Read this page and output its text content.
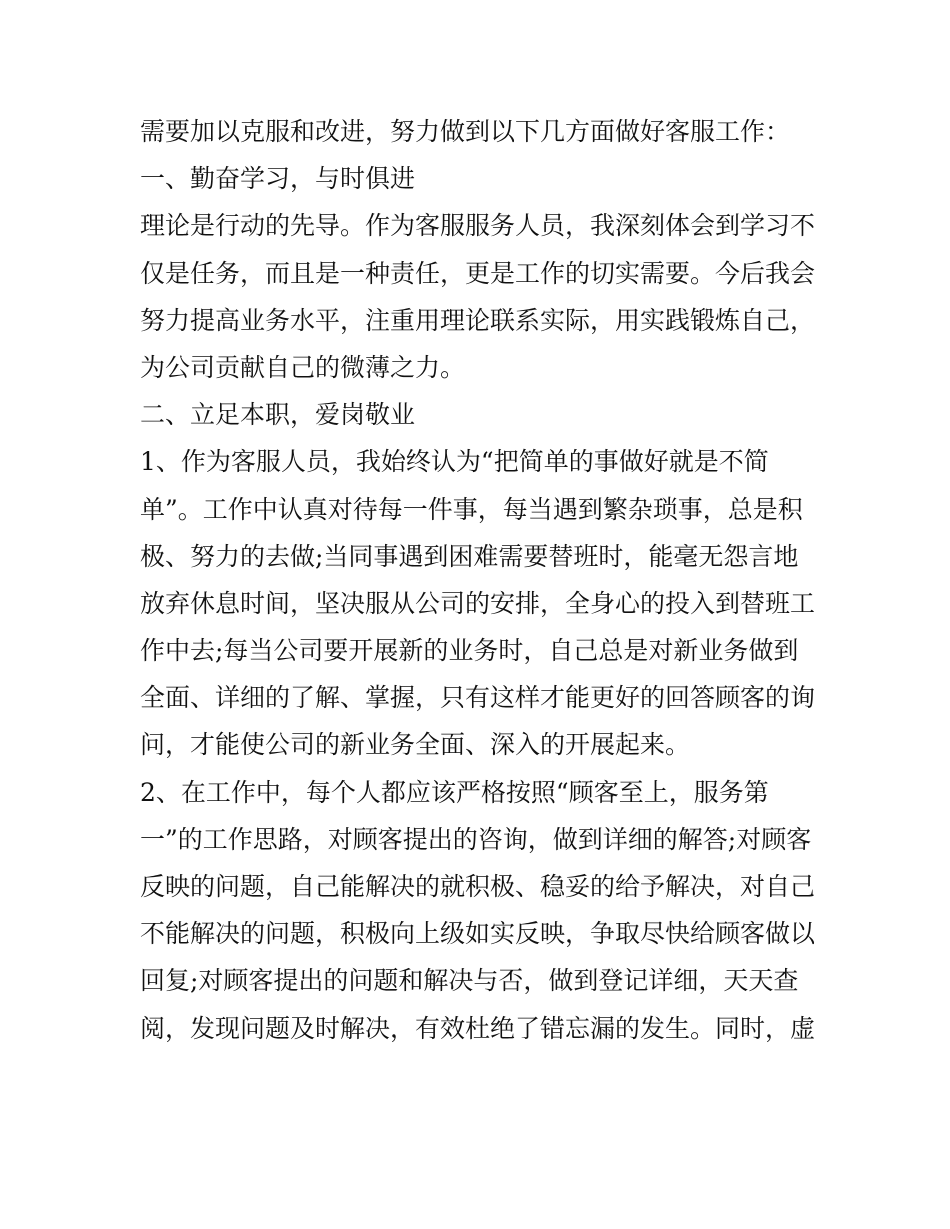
需要加以克服和改进，努力做到以下几方面做好客服工作：
一、勤奋学习，与时俱进
理论是行动的先导。作为客服服务人员，我深刻体会到学习不
仅是任务，而且是一种责任，更是工作的切实需要。今后我会
努力提高业务水平，注重用理论联系实际，用实践锻炼自己，
为公司贡献自己的微薄之力。
二、立足本职，爱岗敬业
1、作为客服人员，我始终认为“把简单的事做好就是不简
单”。工作中认真对待每一件事，每当遇到繁杂琐事，总是积
极、努力的去做;当同事遇到困难需要替班时，能毫无怨言地
放弃休息时间，坚决服从公司的安排，全身心的投入到替班工
作中去;每当公司要开展新的业务时，自己总是对新业务做到
全面、详细的了解、掌握，只有这样才能更好的回答顾客的询
问，才能使公司的新业务全面、深入的开展起来。
2、在工作中，每个人都应该严格按照“顾客至上，服务第
一”的工作思路，对顾客提出的咨询，做到详细的解答;对顾客
反映的问题，自己能解决的就积极、稳妥的给予解决，对自己
不能解决的问题，积极向上级如实反映，争取尽快给顾客做以
回复;对顾客提出的问题和解决与否，做到登记详细，天天查
阅，发现问题及时解决，有效杜绝了错忘漏的发生。同时，虚
